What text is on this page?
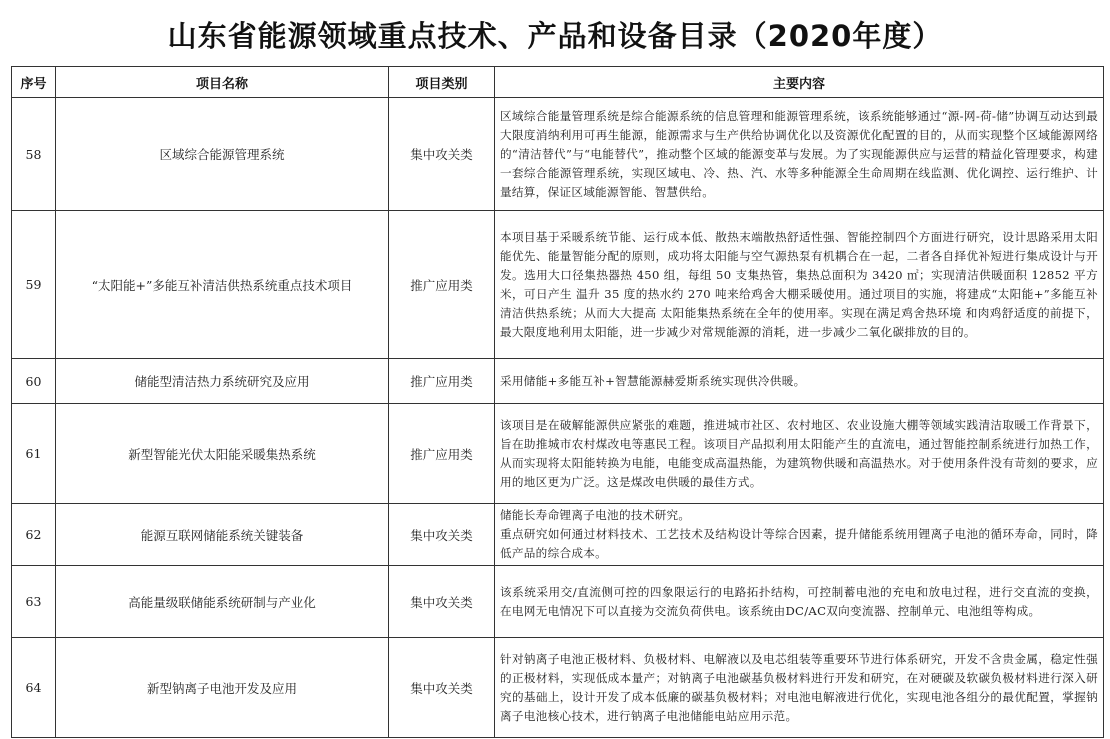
山东省能源领域重点技术、产品和设备目录（2020年度）
序号	项目名称	项目类别	主要内容
58	区域综合能源管理系统	集中攻关类	区域综合能量管理系统是综合能源系统的信息管理和能源管理系统，该系统能够通过“源-网-荷-储”协调互动达到最大限度消纳利用可再生能源，能源需求与生产供给协调优化以及资源优化配置的目的，从而实现整个区域能源网络的“清洁替代”与“电能替代”，推动整个区域的能源变革与发展。为了实现能源供应与运营的精益化管理要求，构建一套综合能源管理系统，实现区域电、冷、热、汽、水等多种能源全生命周期在线监测、优化调控、运行维护、计量结算，保证区域能源智能、智慧供给。
59	“太阳能+”多能互补清洁供热系统重点技术项目	推广应用类	本项目基于采暖系统节能、运行成本低、散热末端散热舒适性强、智能控制四个方面进行研究，设计思路采用太阳能优先、能量智能分配的原则，成功将太阳能与空气源热泵有机耦合在一起，二者各自择优补短进行集成设计与开发。选用大口径集热器热 450 组，每组 50 支集热管，集热总面积为 3420 ㎡；实现清洁供暖面积 12852 平方米，可日产生 温升 35 度的热水约 270 吨来给鸡舍大棚采暖使用。通过项目的实施，将建成“太阳能+”多能互补清洁供热系统；从而大大提高 太阳能集热系统在全年的使用率。实现在满足鸡舍热环境 和肉鸡舒适度的前提下，最大限度地利用太阳能，进一步减少对常规能源的消耗，进一步减少二氧化碳排放的目的。
60	储能型清洁热力系统研究及应用	推广应用类	采用储能+多能互补+智慧能源赫爱斯系统实现供冷供暖。
61	新型智能光伏太阳能采暖集热系统	推广应用类	该项目是在破解能源供应紧张的难题，推进城市社区、农村地区、农业设施大棚等领域实践清洁取暖工作背景下，旨在助推城市农村煤改电等惠民工程。该项目产品拟利用太阳能产生的直流电，通过智能控制系统进行加热工作，从而实现将太阳能转换为电能，电能变成高温热能，为建筑物供暖和高温热水。对于使用条件没有苛刻的要求，应用的地区更为广泛。这是煤改电供暖的最佳方式。
62	能源互联网储能系统关键装备	集中攻关类	储能长寿命锂离子电池的技术研究。
重点研究如何通过材料技术、工艺技术及结构设计等综合因素，提升储能系统用锂离子电池的循环寿命，同时，降低产品的综合成本。

63	高能量级联储能系统研制与产业化	集中攻关类	该系统采用交/直流侧可控的四象限运行的电路拓扑结构，可控制蓄电池的充电和放电过程，进行交直流的变换，在电网无电情况下可以直接为交流负荷供电。该系统由DC/AC双向变流器、控制单元、电池组等构成。
64	新型钠离子电池开发及应用	集中攻关类	针对钠离子电池正极材料、负极材料、电解液以及电芯组装等重要环节进行体系研究，开发不含贵金属，稳定性强的正极材料，实现低成本量产；对钠离子电池碳基负极材料进行开发和研究，在对硬碳及软碳负极材料进行深入研究的基础上，设计开发了成本低廉的碳基负极材料；对电池电解液进行优化，实现电池各组分的最优配置，掌握钠离子电池核心技术，进行钠离子电池储能电站应用示范。
